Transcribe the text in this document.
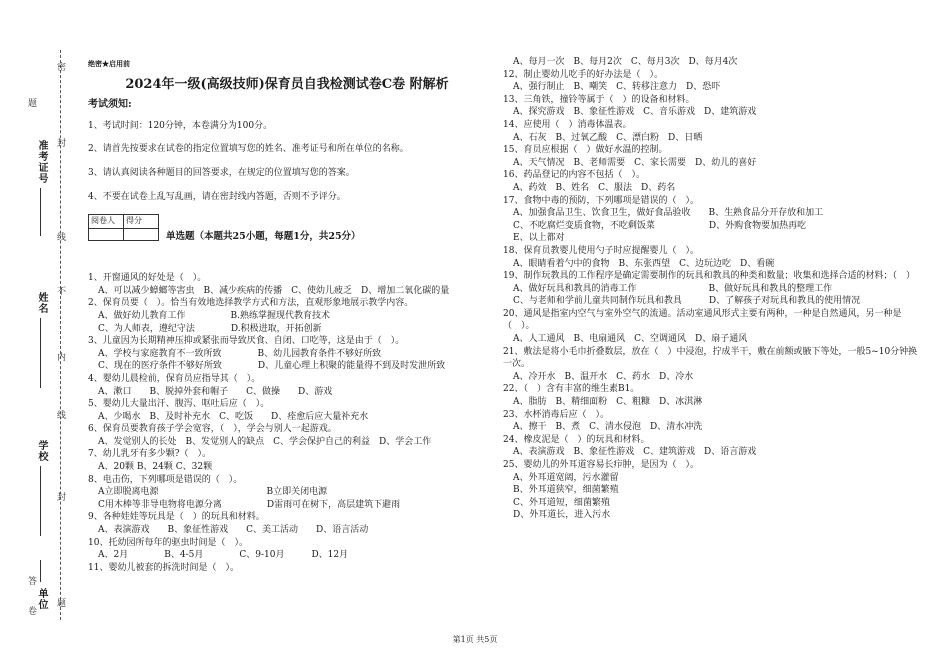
准考证号
姓名
学校
单位
密
封
线
不
内
线
封
题
卷
答
题
绝密★启用前
2024年一级(高级技师)保育员自我检测试卷C卷 附解析
考试须知:
1、考试时间：120分钟，本卷满分为100分。
2、请首先按要求在试卷的指定位置填写您的姓名、准考证号和所在单位的名称。
3、请认真阅读各种题目的回答要求，在规定的位置填写您的答案。
4、不要在试卷上乱写乱画，请在密封线内答题，否则不予评分。
阅卷人	得分

单选题（本题共25小题，每题1分，共25分）
1、开窗通风的好处是（　）。
A、可以减少蟑螂等害虫　B、减少疾病的传播　C、使幼儿疲乏　D、增加二氧化碳的量
2、保育员要（　）。恰当有效地选择教学方式和方法，直观形象地展示教学内容。
A、做好幼儿教育工作　　　　　B.熟练掌握现代教育技术
C、为人师表，遵纪守法　　　　D.积极进取，开拓创新
3、儿童因为长期精神压抑或紧张而导致厌食、自闭、口吃等，这是由于（　）。
A、学校与家庭教育不一致所致　　　　B、幼儿园教育条件不够好所致
C、现在的医疗条件不够好所致　　　　D、儿童心理上积聚的能量得不到及时发泄所致
4、婴幼儿晨检前，保育员应指导其（　）。
A、漱口　　B、脱掉外套和帽子　　C、做操　　D、游戏
5、婴幼儿大量出汗、腹泻、呕吐后应（　）。
A、少喝水　B、及时补充水　C、吃饭　　D、痊愈后应大量补充水
6、保育员要教育孩子学会宽容，（　），学会与别人一起游戏。
A、发觉别人的长处　B、发觉别人的缺点　C、学会保护自己的利益　D、学会工作
7、幼儿乳牙有多少颗?（　）。
A、20颗 B、24颗 C、32颗
8、电击伤，下列哪项是错误的（　）。
A立即脱离电源　　　　　　　　　　　　B立即关闭电源
C用木棒等非导电物将电源分离　　　　　D雷雨可在树下，高层建筑下避雨
9、各种娃娃等玩具是（　）的玩具和材料。
A、表演游戏　　B、象征性游戏　　C、美工活动　　D、语言活动
10、托幼园所每年的驱虫时间是（　）。
A、2月　　　　B、4-5月　　　　C、9-10月　　　D、12月
11、婴幼儿被套的拆洗时间是（　）。
A、每月一次　B、每月2次　C、每月3次　D、每月4次
12、制止婴幼儿吃手的好办法是（　）。
A、强行制止　B、嘲笑　C、转移注意力　D、恐吓
13、三角铁，撞铃等属于（　）的设备和材料。
A、探究游戏　B、象征性游戏　C、音乐游戏　D、建筑游戏
14、应使用（　）消毒体温表。
A、石灰　B、过氧乙酸　C、漂白粉　D、日晒
15、育员应根据（　）做好水温的控制。
A、天气情况　B、老师需要　C、家长需要　D、幼儿的喜好
16、药品登记的内容不包括（　）。
A、药效　B、姓名　C、服法　D、药名
17、食物中毒的预防，下列哪项是错误的（　）。
A、加强食品卫生、饮食卫生，做好食品验收　　B、生熟食品分开存放和加工
C、不吃腐烂变质食物，不吃剩饭菜　　　　　　D、外购食物要加热再吃
E、以上都对
18、保育员教婴儿使用勺子时应提醒婴儿（　）。
A、眼睛看着勺中的食物　B、东张西望　C、边玩边吃　D、看碗
19、制作玩教具的工作程序是确定需要制作的玩具和教具的种类和数量；收集和选择合适的材料；（　）
A、做好玩具和教具的消毒工作　　　　　　　　B、做好玩具和教具的整理工作
C、与老师和学前儿童共同制作玩具和教具　　　D、了解孩子对玩具和教具的使用情况
20、通风是指室内空气与室外空气的流通。活动室通风形式主要有两种，一种是自然通风，另一种是（　）。
A、人工通风　B、电扇通风　C、空调通风　D、扇子通风
21、敷法是将小毛巾折叠数层，放在（　）中浸泡，拧成半干，敷在前额或腋下等处，一般5~10分钟换一次。
A、冷开水　B、温开水　C、药水　D、冷水
22、（　）含有丰富的维生素B1。
A、脂肪　B、精细面粉　C、粗糠　D、冰淇淋
23、水杯消毒后应（　）。
A、擦干　B、煮　C、清水侵泡　D、清水冲洗
24、橡皮泥是（　）的玩具和材料。
A、表演游戏　B、象征性游戏　C、建筑游戏　D、语言游戏
25、婴幼儿的外耳道容易长疖肿，是因为（　）。
A、外耳道宽阔，污水灌留
B、外耳道狭窄，细菌繁殖
C、外耳道短，细菌繁殖
D、外耳道长，进入污水
第1页 共5页
